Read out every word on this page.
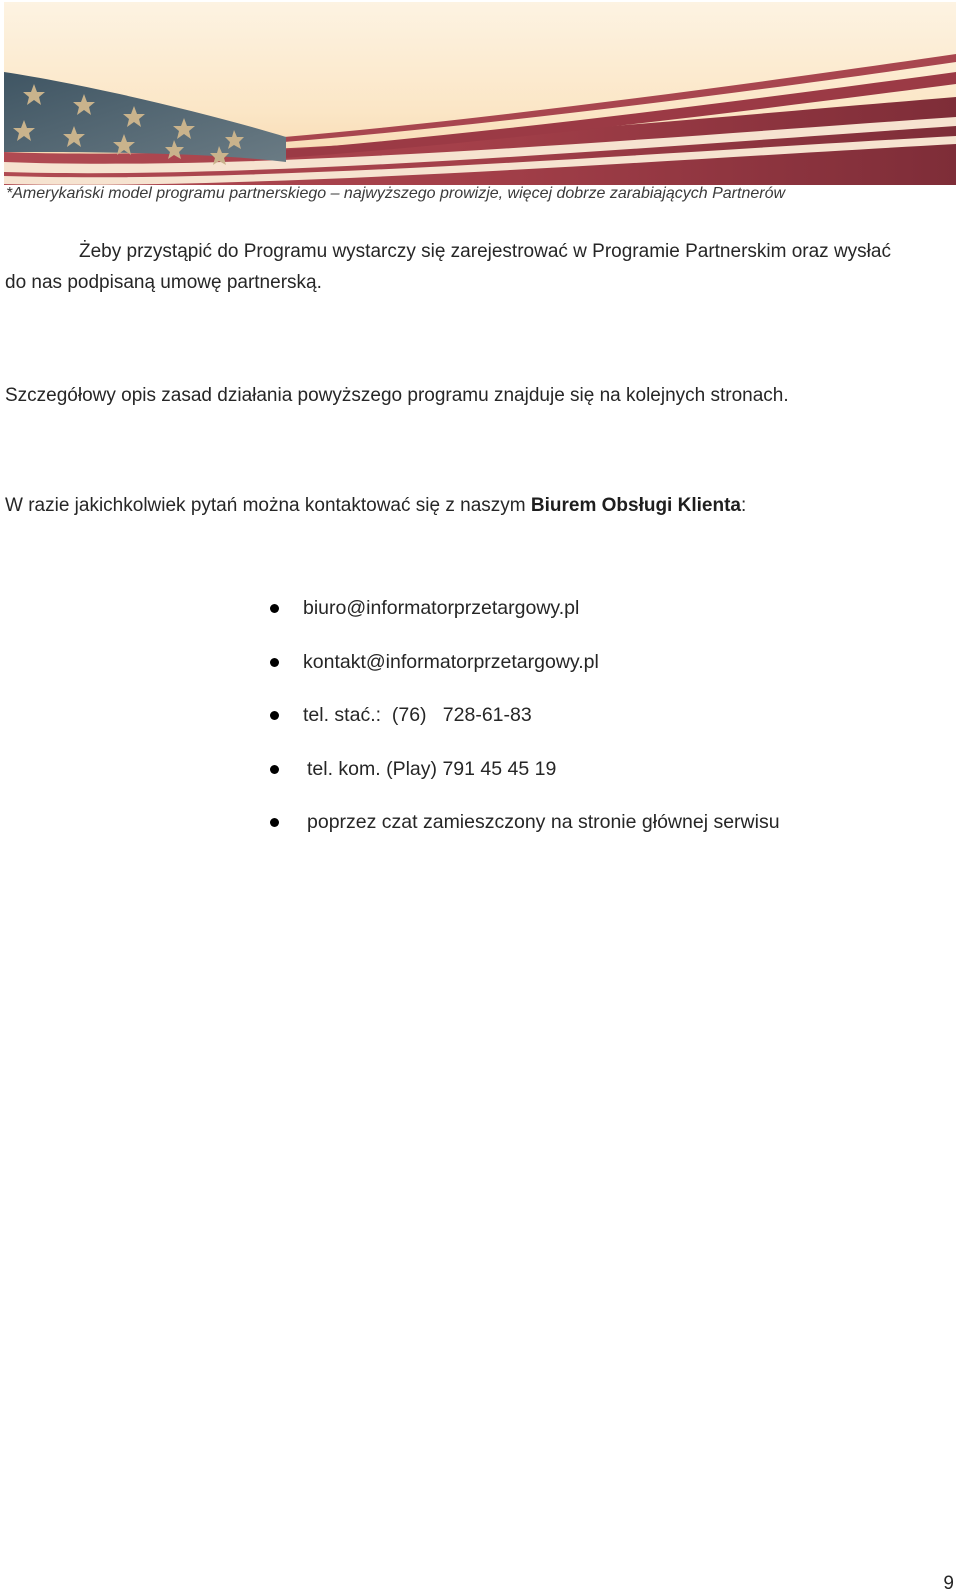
*Amerykański model programu partnerskiego – najwyższego prowizje, więcej dobrze zarabiających Partnerów
Żeby przystąpić do Programu wystarczy się zarejestrować w Programie Partnerskim oraz wysłać do nas podpisaną umowę partnerską.
Szczegółowy opis zasad działania powyższego programu znajduje się na kolejnych stronach.
W razie jakichkolwiek pytań można kontaktować się z naszym Biurem Obsługi Klienta:
biuro@informatorprzetargowy.pl
kontakt@informatorprzetargowy.pl
tel. stać.:  (76)   728-61-83
tel. kom. (Play) 791 45 45 19
poprzez czat zamieszczony na stronie głównej serwisu
9
